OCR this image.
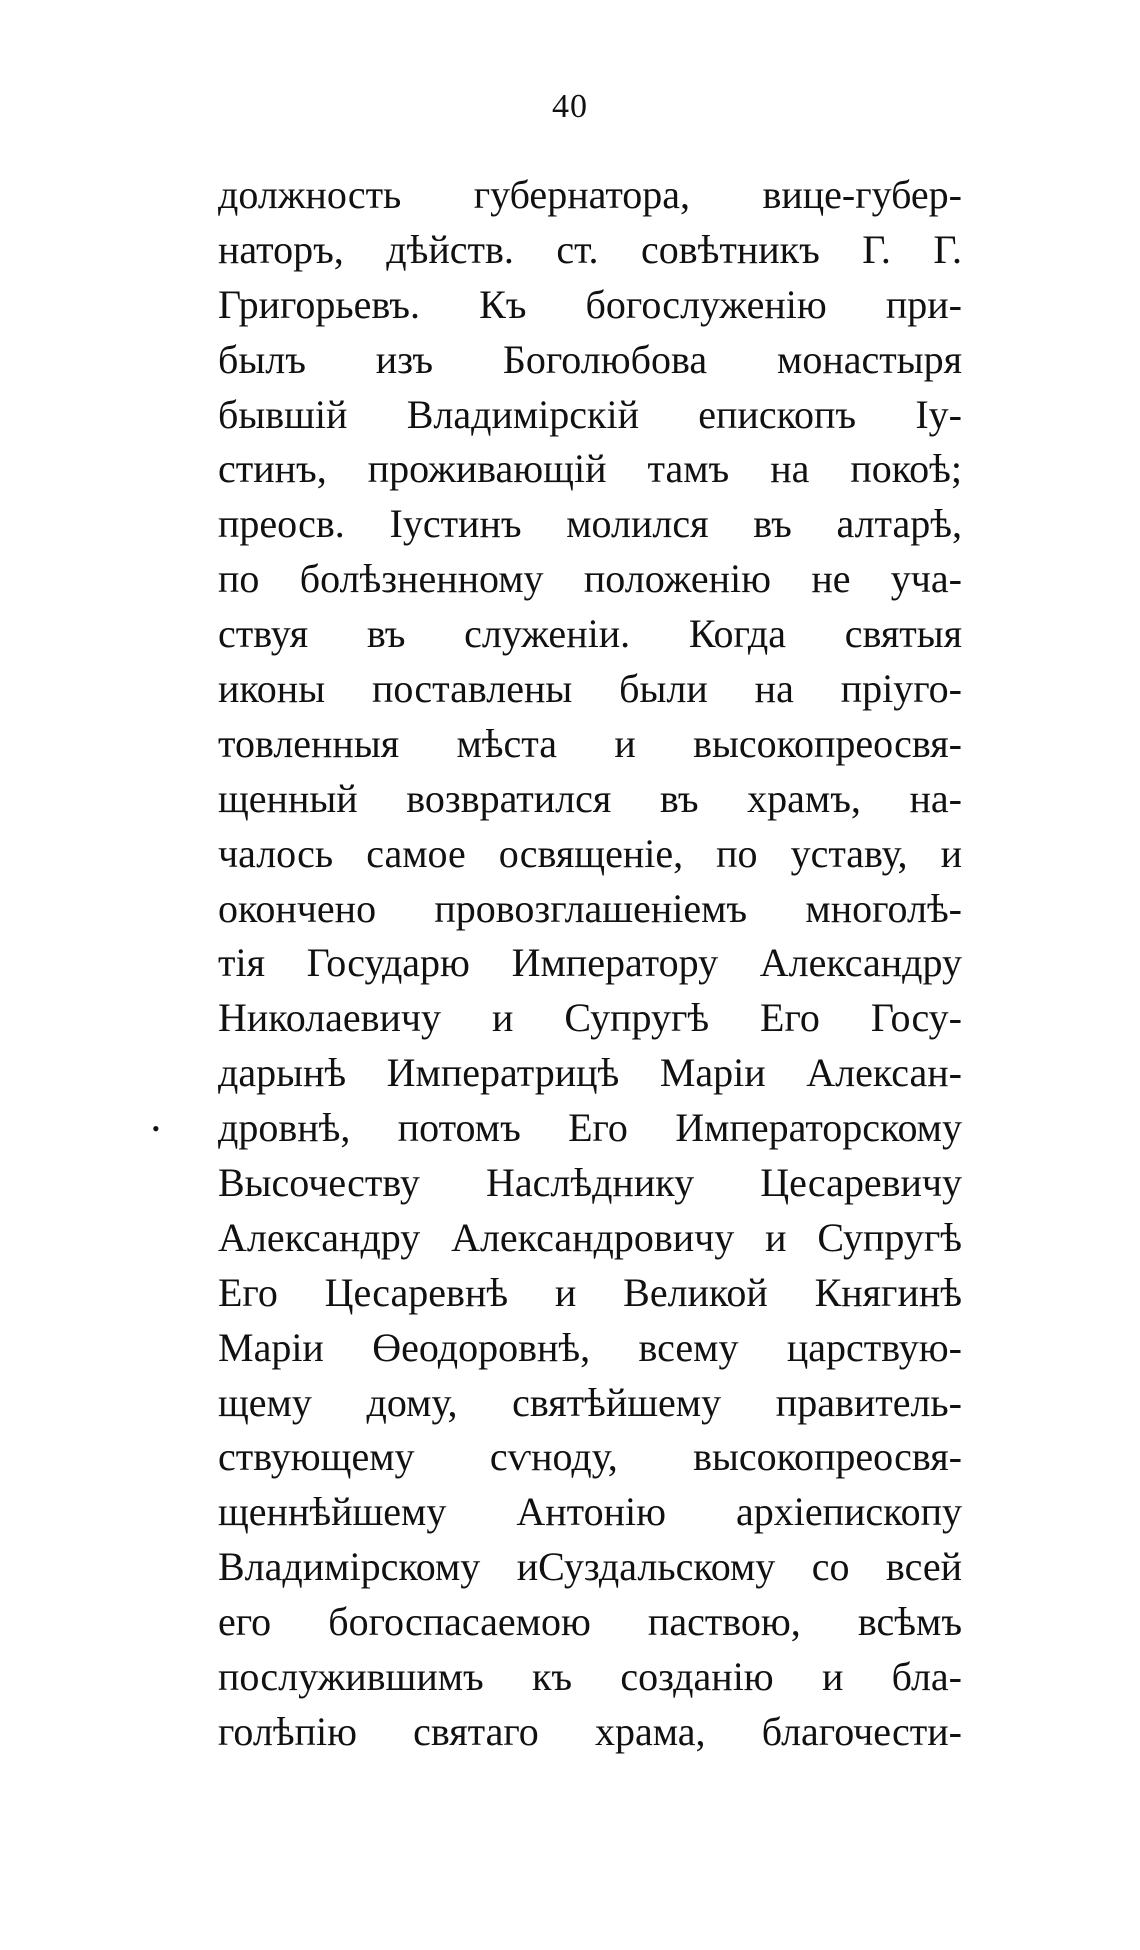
40
•
должность губернатора, вице-губер-
наторъ, дѣйств. ст. совѣтникъ Г. Г.
Григорьевъ. Къ богослуженію при-
былъ изъ Боголюбова монастыря
бывшій Владимірскій епископъ Іу-
стинъ, проживающій тамъ на покоѣ;
преосв. Іустинъ молился въ алтарѣ,
по болѣзненному положенію не уча-
ствуя въ служеніи. Когда святыя
иконы поставлены были на пріуго-
товленныя мѣста и высокопреосвя-
щенный возвратился въ храмъ, на-
чалось самое освященіе, по уставу, и
окончено провозглашеніемъ многолѣ-
тія Государю Императору Александру
Николаевичу и Супругѣ Его Госу-
дарынѣ Императрицѣ Маріи Алексан-
дровнѣ, потомъ Его Императорскому
Высочеству Наслѣднику Цесаревичу
Александру Александровичу и Супругѣ
Его Цесаревнѣ и Великой Княгинѣ
Маріи Өеодоровнѣ, всему царствую-
щему дому, святѣйшему правитель-
ствующему сѵноду, высокопреосвя-
щеннѣйшему Антонію архіепископу
Владимірскому иСуздальскому со всей
его богоспасаемою паствою, всѣмъ
послужившимъ къ созданію и бла-
голѣпію святаго храма, благочести-
